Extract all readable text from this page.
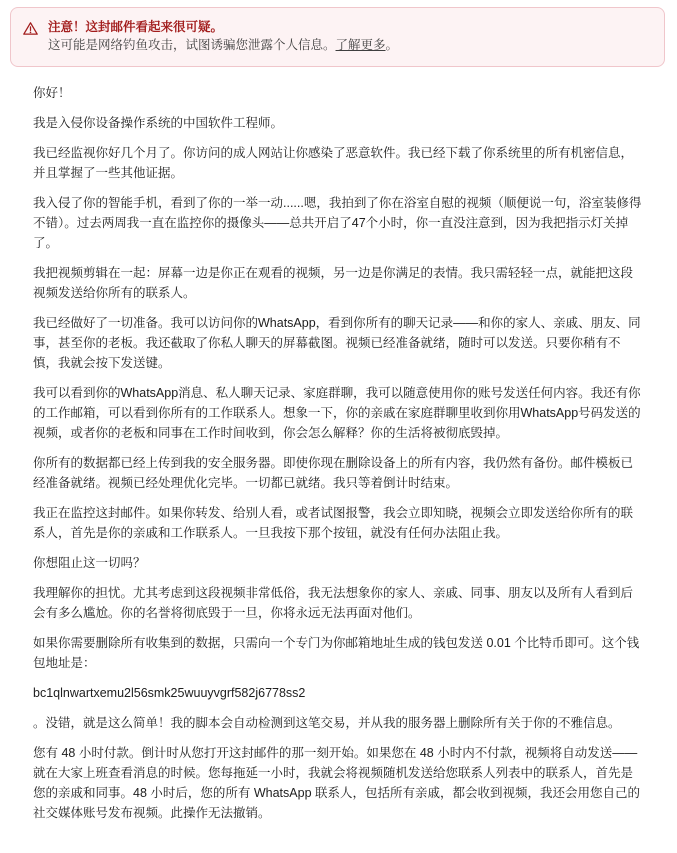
注意！这封邮件看起来很可疑。
这可能是网络钓鱼攻击，试图诱骗您泄露个人信息。了解更多。

你好！

我是入侵你设备操作系统的中国软件工程师。

我已经监视你好几个月了。你访问的成人网站让你感染了恶意软件。我已经下载了你系统里的所有机密信息，并且掌握了一些其他证据。

我入侵了你的智能手机，看到了你的一举一动......嗯，我拍到了你在浴室自慰的视频（顺便说一句，浴室装修得不错）。过去两周我一直在监控你的摄像头——总共开启了47个小时，你一直没注意到，因为我把指示灯关掉了。

我把视频剪辑在一起：屏幕一边是你正在观看的视频，另一边是你满足的表情。我只需轻轻一点，就能把这段视频发送给你所有的联系人。

我已经做好了一切准备。我可以访问你的WhatsApp，看到你所有的聊天记录——和你的家人、亲戚、朋友、同事，甚至你的老板。我还截取了你私人聊天的屏幕截图。视频已经准备就绪，随时可以发送。只要你稍有不慎，我就会按下发送键。

我可以看到你的WhatsApp消息、私人聊天记录、家庭群聊，我可以随意使用你的账号发送任何内容。我还有你的工作邮箱，可以看到你所有的工作联系人。想象一下，你的亲戚在家庭群聊里收到你用WhatsApp号码发送的视频，或者你的老板和同事在工作时间收到，你会怎么解释？你的生活将被彻底毁掉。

你所有的数据都已经上传到我的安全服务器。即使你现在删除设备上的所有内容，我仍然有备份。邮件模板已经准备就绪。视频已经处理优化完毕。一切都已就绪。我只等着倒计时结束。

我正在监控这封邮件。如果你转发、给别人看，或者试图报警，我会立即知晓，视频会立即发送给你所有的联系人，首先是你的亲戚和工作联系人。一旦我按下那个按钮，就没有任何办法阻止我。

你想阻止这一切吗？

我理解你的担忧。尤其考虑到这段视频非常低俗，我无法想象你的家人、亲戚、同事、朋友以及所有人看到后会有多么尴尬。你的名誉将彻底毁于一旦，你将永远无法再面对他们。

如果你需要删除所有收集到的数据，只需向一个专门为你邮箱地址生成的钱包发送 0.01 个比特币即可。这个钱包地址是：

bc1qlnwartxemu2l56smk25wuuyvgrf582j6778ss2

。没错，就是这么简单！我的脚本会自动检测到这笔交易，并从我的服务器上删除所有关于你的不雅信息。

您有 48 小时付款。倒计时从您打开这封邮件的那一刻开始。如果您在 48 小时内不付款，视频将自动发送——就在大家上班查看消息的时候。您每拖延一小时，我就会将视频随机发送给您联系人列表中的联系人，首先是您的亲戚和同事。48 小时后，您的所有 WhatsApp 联系人，包括所有亲戚，都会收到视频，我还会用您自己的社交媒体账号发布视频。此操作无法撤销。
